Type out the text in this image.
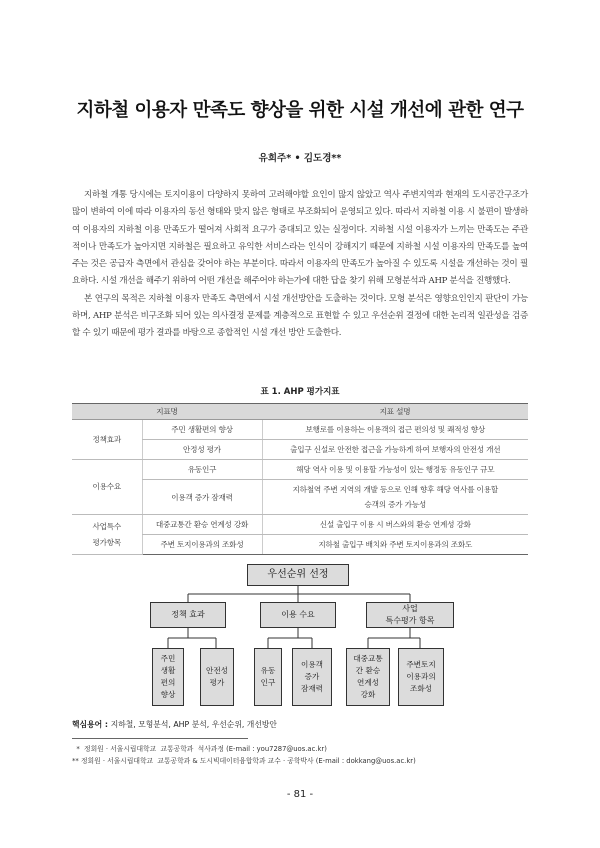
지하철 이용자 만족도 향상을 위한 시설 개선에 관한 연구
유희주* • 김도경**

지하철 개통 당시에는 토지이용이 다양하지 못하여 고려해야할 요인이 많지 않았고 역사 주변지역과 현재의 도시공간구조가 많이 변하여 이에 따라 이용자의 동선 형태와 맞지 않은 형태로 부조화되어 운영되고 있다. 따라서 지하철 이용 시 불편이 발생하여 이용자의 지하철 이용 만족도가 떨어져 사회적 요구가 증대되고 있는 실정이다. 지하철 시설 이용자가 느끼는 만족도는 주관적이나 만족도가 높아지면 지하철은 필요하고 유익한 서비스라는 인식이 강해지기 때문에 지하철 시설 이용자의 만족도를 높여주는 것은 공급자 측면에서 관심을 갖어야 하는 부분이다. 따라서 이용자의 만족도가 높아질 수 있도록 시설을 개선하는 것이 필요하다. 시설 개선을 해주기 위하여 어떤 개선을 해주어야 하는가에 대한 답을 찾기 위해 모형분석과 AHP 분석을 진행했다.

본 연구의 목적은 지하철 이용자 만족도 측면에서 시설 개선방안을 도출하는 것이다. 모형 분석은 영향요인인지 판단이 가능하며, AHP 분석은 비구조화 되어 있는 의사결정 문제를 계층적으로 표현할 수 있고 우선순위 결정에 대한 논리적 일관성을 검증할 수 있기 때문에 평가 결과를 바탕으로 종합적인 시설 개선 방안 도출한다.

표 1. AHP 평가지표
지표명		지표 설명
정책효과	주민 생활편의 향상	보행로를 이용하는 이용객의 접근 편의성 및 쾌적성 향상
	안정성 평가	출입구 신설로 안전한 접근을 가능하게 하여 보행자의 안전성 개선
이용수요	유동인구	해당 역사 이용 및 이용할 가능성이 있는 행정동 유동인구 규모
	이용객 증가 잠재력	지하철역 주변 지역의 개발 등으로 인해 향후 해당 역사를 이용할
승객의 증가 가능성

사업특수
평가항목	대중교통간 환승 연계성 강화	신설 출입구 이용 시 버스와의 환승 연계성 강화
	주변 토지이용과의 조화성	지하철 출입구 배치와 주변 토지이용과의 조화도
우선순위 선정
정책 효과	이용 수요
사업
특수평가 항목
주민
생활
편의
향상
안전성
평가
유동
인구
이용객
증가
잠재력
대중교통
간 환승
연계성
강화
주변토지
이용과의
조화성
핵심용어 : 지하철, 모형분석, AHP 분석, 우선순위, 개선방안
*  정회원 · 서울시립대학교  교통공학과  석사과정 (E-mail : you7287@uos.ac.kr)
** 정회원 · 서울시립대학교  교통공학과 & 도시빅데이터융합학과 교수 · 공학박사 (E-mail : dokkang@uos.ac.kr)
- 81 -
